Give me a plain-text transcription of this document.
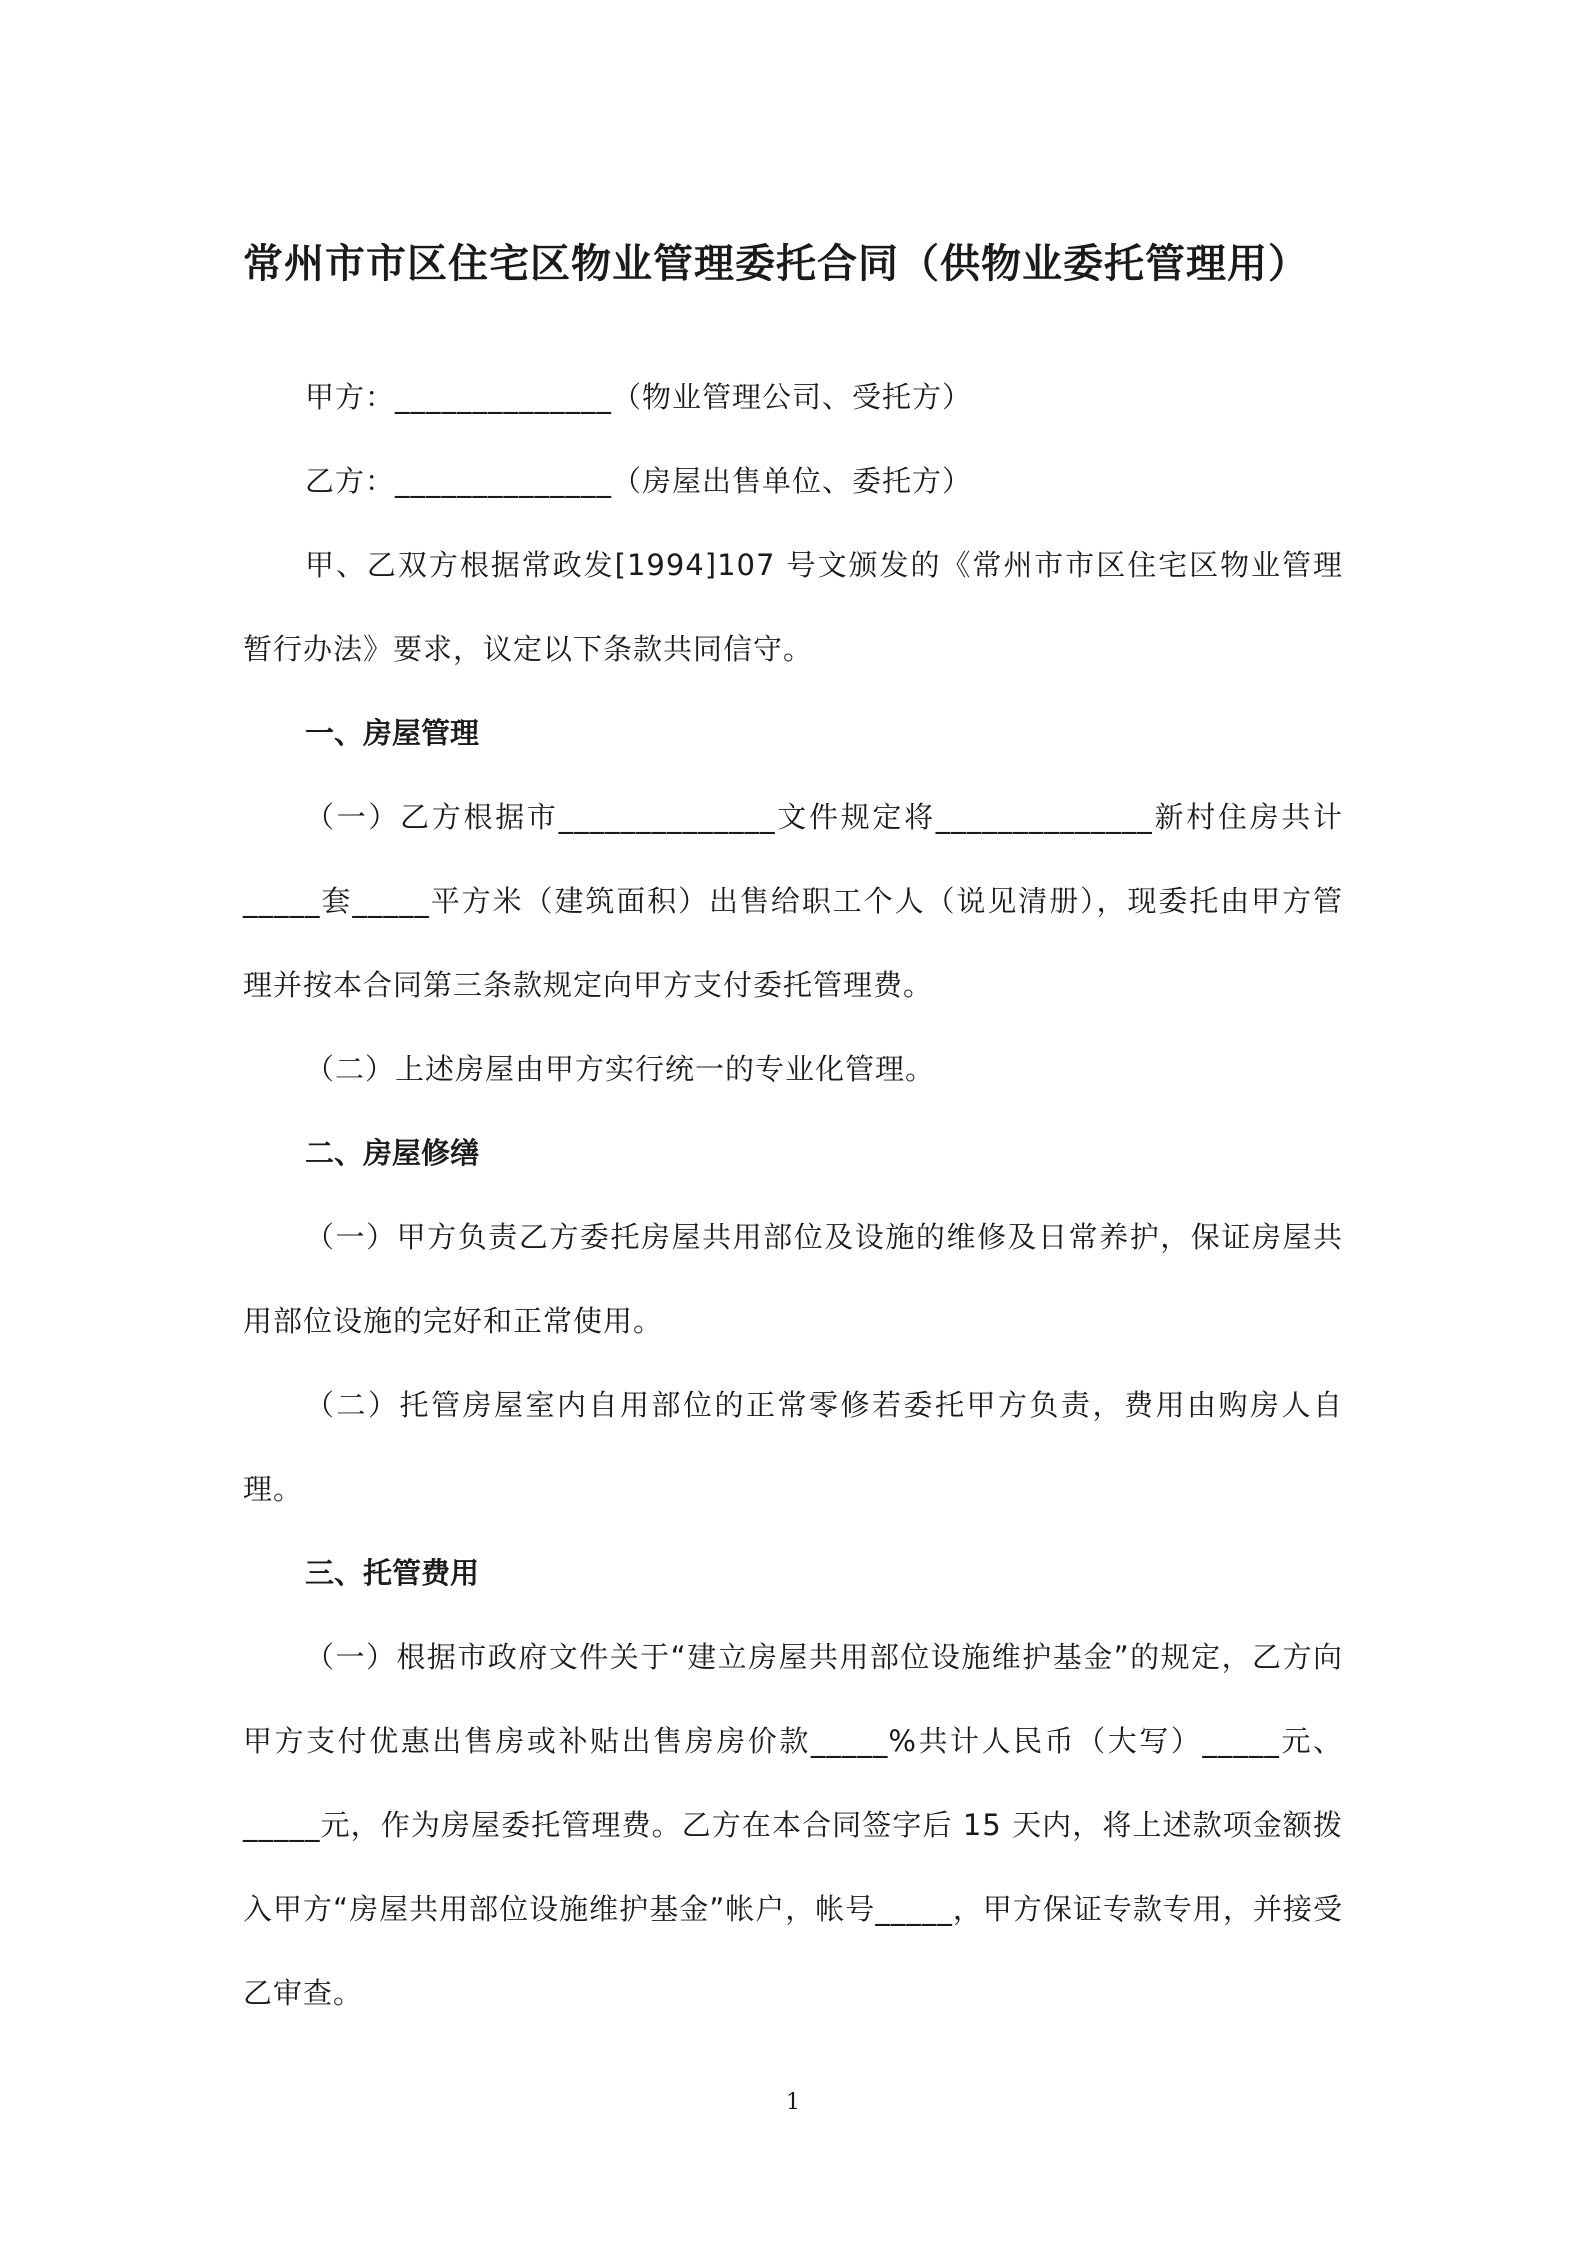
常州市市区住宅区物业管理委托合同（供物业委托管理用）

甲方：______________（物业管理公司、受托方）

乙方：______________（房屋出售单位、委托方）

甲、乙双方根据常政发[1994]107 号文颁发的《常州市市区住宅区物业管理暂行办法》要求，议定以下条款共同信守。

一、房屋管理

（一）乙方根据市______________文件规定将______________新村住房共计_____套_____平方米（建筑面积）出售给职工个人（说见清册），现委托由甲方管理并按本合同第三条款规定向甲方支付委托管理费。

（二）上述房屋由甲方实行统一的专业化管理。

二、房屋修缮

（一）甲方负责乙方委托房屋共用部位及设施的维修及日常养护，保证房屋共用部位设施的完好和正常使用。

（二）托管房屋室内自用部位的正常零修若委托甲方负责，费用由购房人自理。

三、托管费用

（一）根据市政府文件关于“建立房屋共用部位设施维护基金”的规定，乙方向甲方支付优惠出售房或补贴出售房房价款_____%共计人民币（大写）_____元、_____元，作为房屋委托管理费。乙方在本合同签字后 15 天内，将上述款项金额拨入甲方“房屋共用部位设施维护基金”帐户，帐号_____，甲方保证专款专用，并接受乙审查。

1
